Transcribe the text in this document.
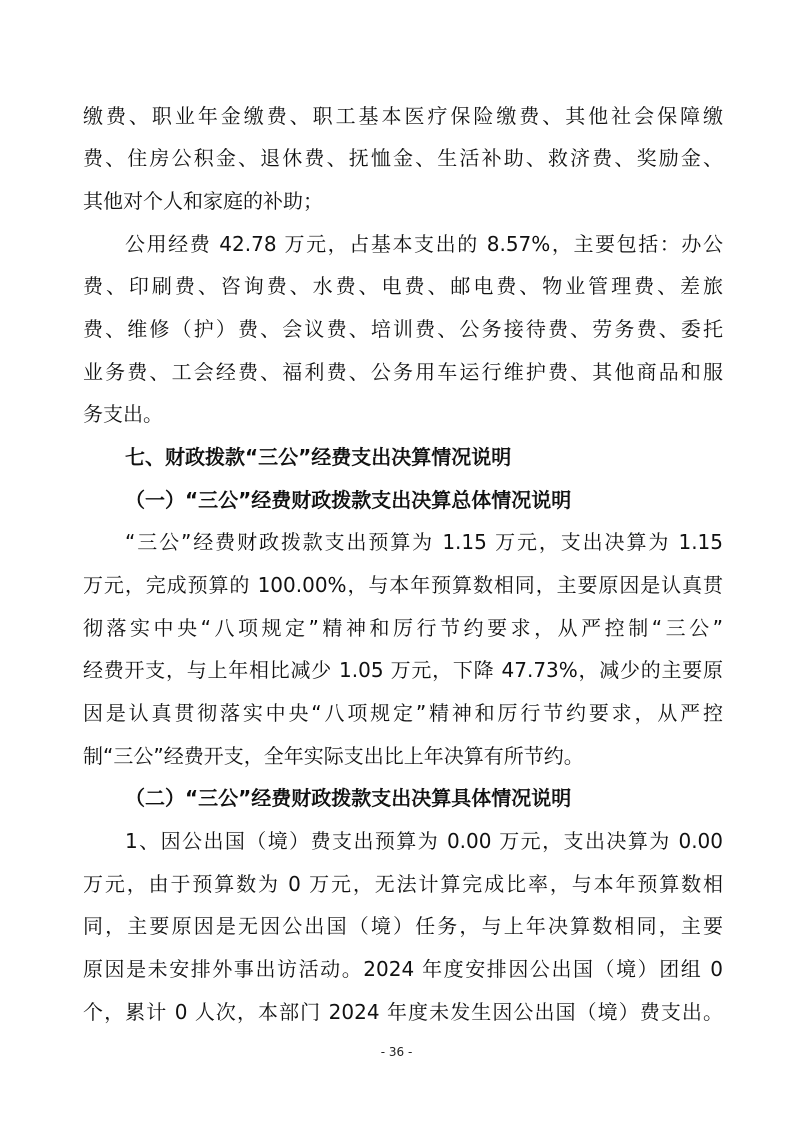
缴费、职业年金缴费、职工基本医疗保险缴费、其他社会保障缴
费、住房公积金、退休费、抚恤金、生活补助、救济费、奖励金、
其他对个人和家庭的补助；
公用经费 42.78 万元，占基本支出的 8.57%，主要包括：办公
费、印刷费、咨询费、水费、电费、邮电费、物业管理费、差旅
费、维修（护）费、会议费、培训费、公务接待费、劳务费、委托
业务费、工会经费、福利费、公务用车运行维护费、其他商品和服
务支出。
七、财政拨款“三公”经费支出决算情况说明
（一）“三公”经费财政拨款支出决算总体情况说明
“三公”经费财政拨款支出预算为 1.15 万元，支出决算为 1.15
万元，完成预算的 100.00%，与本年预算数相同，主要原因是认真贯
彻落实中央“八项规定”精神和厉行节约要求，从严控制“三公”
经费开支，与上年相比减少 1.05 万元，下降 47.73%，减少的主要原
因是认真贯彻落实中央“八项规定”精神和厉行节约要求，从严控
制“三公”经费开支，全年实际支出比上年决算有所节约。
（二）“三公”经费财政拨款支出决算具体情况说明
1、因公出国（境）费支出预算为 0.00 万元，支出决算为 0.00
万元，由于预算数为 0 万元，无法计算完成比率，与本年预算数相
同，主要原因是无因公出国（境）任务，与上年决算数相同，主要
原因是未安排外事出访活动。2024 年度安排因公出国（境）团组 0
个，累计 0 人次，本部门 2024 年度未发生因公出国（境）费支出。
- 36 -
